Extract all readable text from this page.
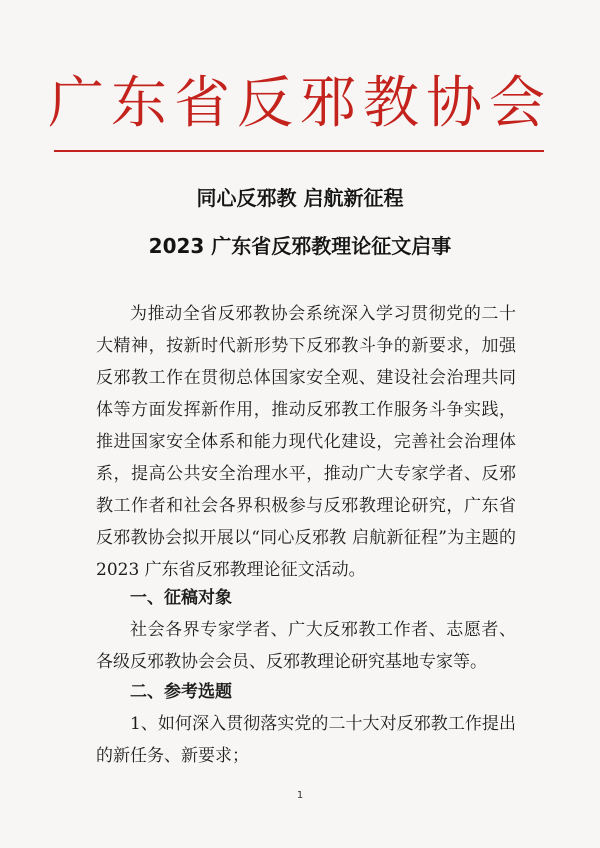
广东省反邪教协会
同心反邪教 启航新征程
2023 广东省反邪教理论征文启事
为推动全省反邪教协会系统深入学习贯彻党的二十大精神，按新时代新形势下反邪教斗争的新要求，加强反邪教工作在贯彻总体国家安全观、建设社会治理共同体等方面发挥新作用，推动反邪教工作服务斗争实践，推进国家安全体系和能力现代化建设，完善社会治理体系，提高公共安全治理水平，推动广大专家学者、反邪教工作者和社会各界积极参与反邪教理论研究，广东省反邪教协会拟开展以“同心反邪教 启航新征程”为主题的 2023 广东省反邪教理论征文活动。
一、征稿对象
社会各界专家学者、广大反邪教工作者、志愿者、各级反邪教协会会员、反邪教理论研究基地专家等。
二、参考选题
1、如何深入贯彻落实党的二十大对反邪教工作提出的新任务、新要求；
1
